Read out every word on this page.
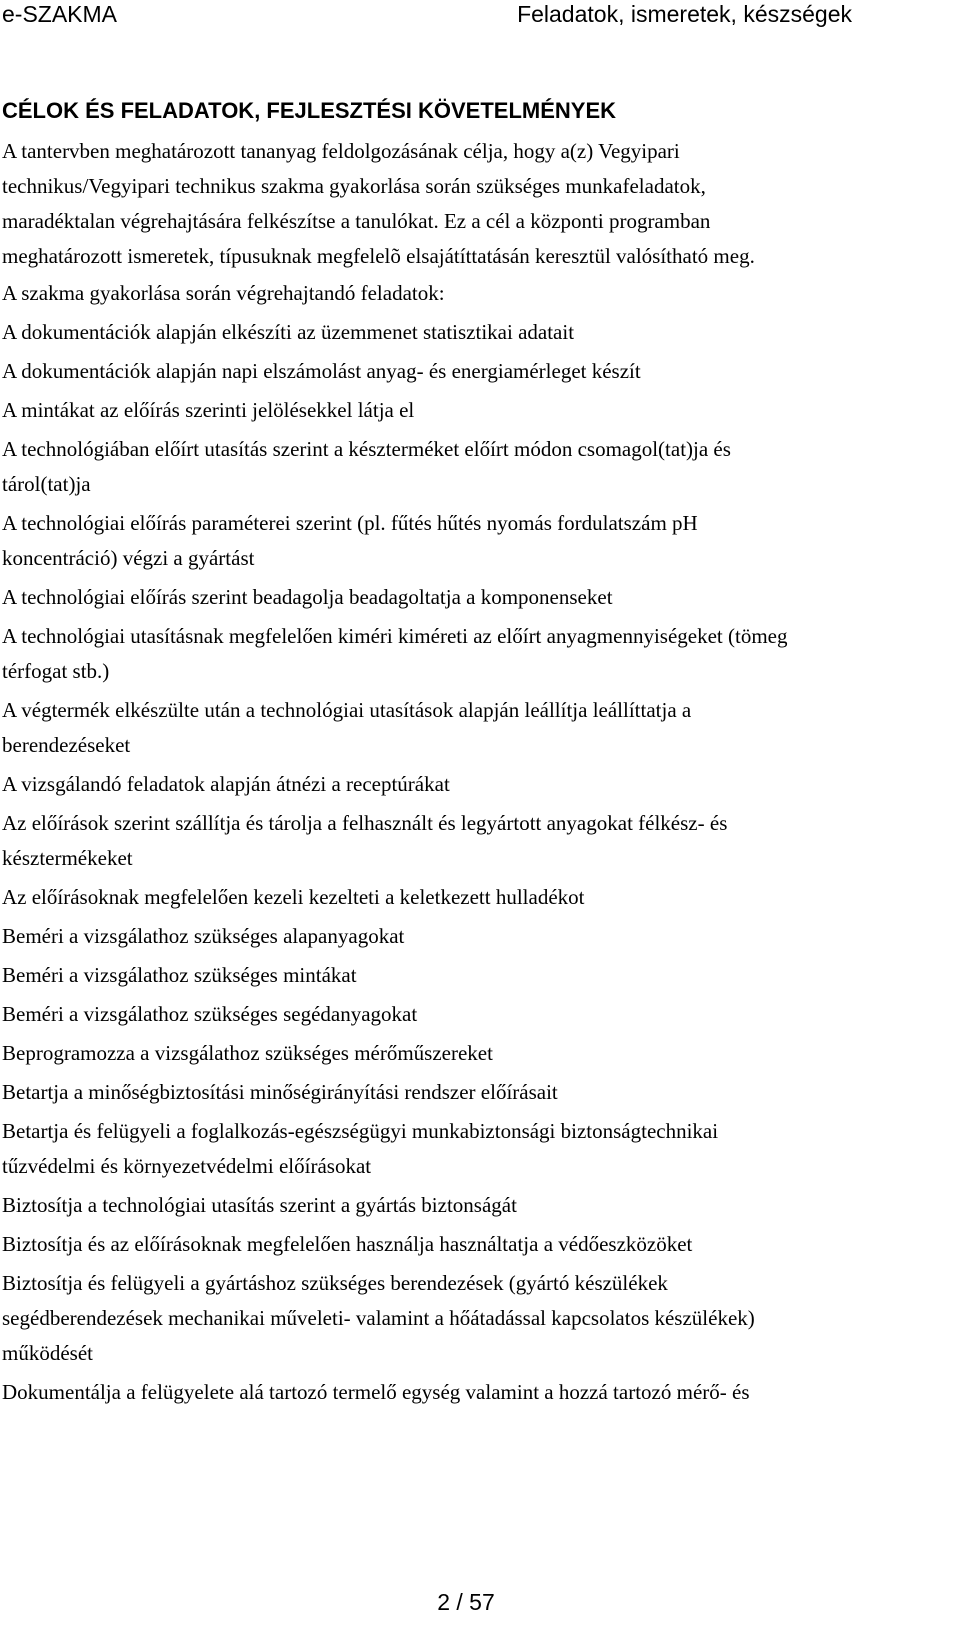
e-SZAKMA	Feladatok, ismeretek, készségek
CÉLOK ÉS FELADATOK, FEJLESZTÉSI KÖVETELMÉNYEK

A tantervben meghatározott tananyag feldolgozásának célja, hogy a(z) Vegyipari
technikus/Vegyipari technikus szakma gyakorlása során szükséges munkafeladatok,
maradéktalan végrehajtására felkészítse a tanulókat. Ez a cél a központi programban
meghatározott ismeretek, típusuknak megfelelõ elsajátíttatásán keresztül valósítható meg.

A szakma gyakorlása során végrehajtandó feladatok:
A dokumentációk alapján elkészíti az üzemmenet statisztikai adatait
A dokumentációk alapján napi elszámolást anyag- és energiamérleget készít
A mintákat az előírás szerinti jelölésekkel látja el
A technológiában előírt utasítás szerint a készterméket előírt módon csomagol(tat)ja és
tárol(tat)ja
A technológiai előírás paraméterei szerint (pl. fűtés hűtés nyomás fordulatszám pH
koncentráció) végzi a gyártást
A technológiai előírás szerint beadagolja beadagoltatja a komponenseket
A technológiai utasításnak megfelelően kiméri kiméreti az előírt anyagmennyiségeket (tömeg
térfogat stb.)
A végtermék elkészülte után a technológiai utasítások alapján leállítja leállíttatja a
berendezéseket
A vizsgálandó feladatok alapján átnézi a receptúrákat
Az előírások szerint szállítja és tárolja a felhasznált és legyártott anyagokat félkész- és
késztermékeket
Az előírásoknak megfelelően kezeli kezelteti a keletkezett hulladékot
Beméri a vizsgálathoz szükséges alapanyagokat
Beméri a vizsgálathoz szükséges mintákat
Beméri a vizsgálathoz szükséges segédanyagokat
Beprogramozza a vizsgálathoz szükséges mérőműszereket
Betartja a minőségbiztosítási minőségirányítási rendszer előírásait
Betartja és felügyeli a foglalkozás-egészségügyi munkabiztonsági biztonságtechnikai
tűzvédelmi és környezetvédelmi előírásokat
Biztosítja a technológiai utasítás szerint a gyártás biztonságát
Biztosítja és az előírásoknak megfelelően használja használtatja a védőeszközöket
Biztosítja és felügyeli a gyártáshoz szükséges berendezések (gyártó készülékek
segédberendezések mechanikai műveleti- valamint a hőátadással kapcsolatos készülékek)
működését
Dokumentálja a felügyelete alá tartozó termelő egység valamint a hozzá tartozó mérő- és
2 / 57
